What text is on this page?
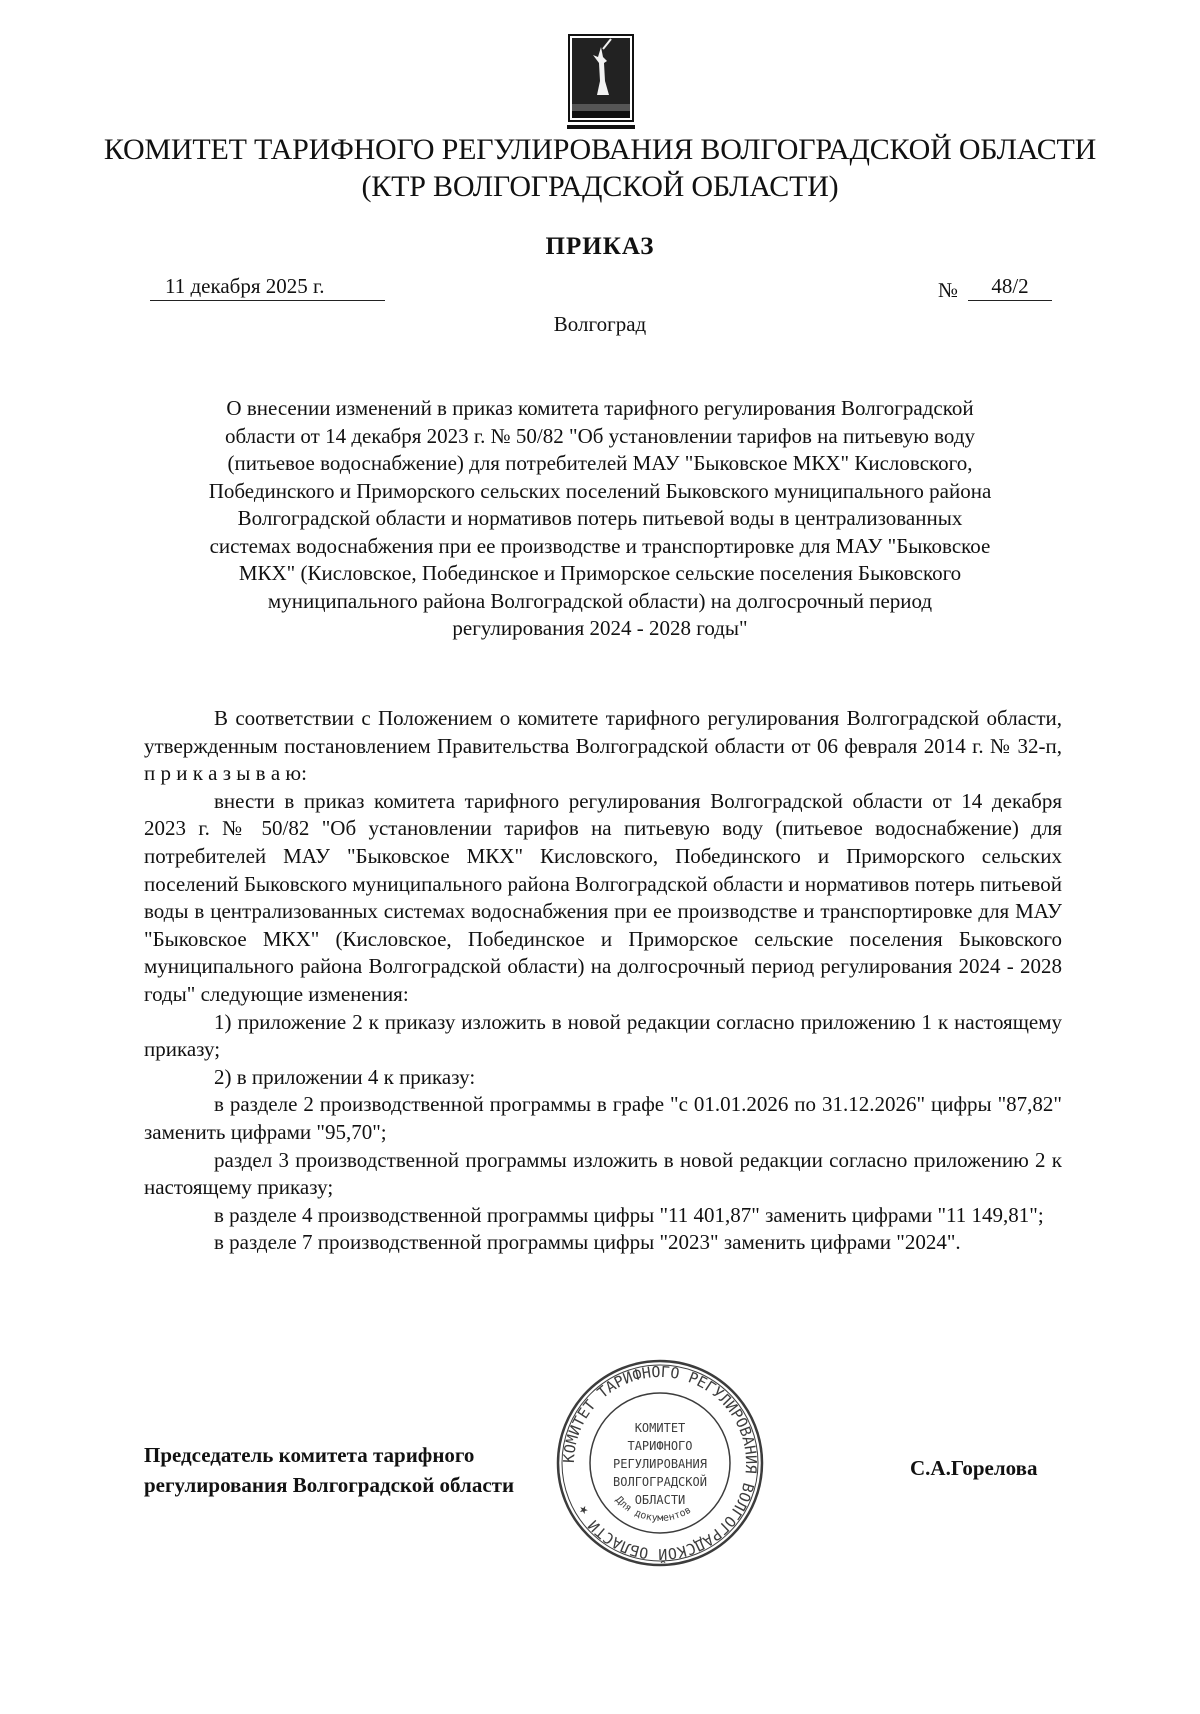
КОМИТЕТ ТАРИФНОГО РЕГУЛИРОВАНИЯ ВОЛГОГРАДСКОЙ ОБЛАСТИ
(КТР ВОЛГОГРАДСКОЙ ОБЛАСТИ)
ПРИКАЗ
11 декабря 2025 г.	№	48/2
Волгоград
О внесении изменений в приказ комитета тарифного регулирования Волгоградской
области от 14 декабря 2023 г. № 50/82 "Об установлении тарифов на питьевую воду
(питьевое водоснабжение) для потребителей МАУ "Быковское МКХ" Кисловского,
Побединского и Приморского сельских поселений Быковского муниципального района
Волгоградской области и нормативов потерь питьевой воды в централизованных
системах водоснабжения при ее производстве и транспортировке для МАУ "Быковское
МКХ" (Кисловское, Побединское и Приморское сельские поселения Быковского
муниципального района Волгоградской области) на долгосрочный период
регулирования 2024 - 2028 годы"

В соответствии с Положением о комитете тарифного регулирования Волгоградской области, утвержденным постановлением Правительства Волгоградской области от 06 февраля 2014 г. № 32-п, п р и к а з ы в а ю:

внести в приказ комитета тарифного регулирования Волгоградской области от 14 декабря 2023 г. № 50/82 "Об установлении тарифов на питьевую воду (питьевое водоснабжение) для потребителей МАУ "Быковское МКХ" Кисловского, Побединского и Приморского сельских поселений Быковского муниципального района Волгоградской области и нормативов потерь питьевой воды в централизованных системах водоснабжения при ее производстве и транспортировке для МАУ "Быковское МКХ" (Кисловское, Побединское и Приморское сельские поселения Быковского муниципального района Волгоградской области) на долгосрочный период регулирования 2024 - 2028 годы" следующие изменения:

1) приложение 2 к приказу изложить в новой редакции согласно приложению 1 к настоящему приказу;

2) в приложении 4 к приказу:

в разделе 2 производственной программы в графе "с 01.01.2026 по 31.12.2026" цифры "87,82" заменить цифрами "95,70";

раздел 3 производственной программы изложить в новой редакции согласно приложению 2 к настоящему приказу;

в разделе 4 производственной программы цифры "11 401,87" заменить цифрами "11 149,81";

в разделе 7 производственной программы цифры "2023" заменить цифрами "2024".

Председатель комитета тарифного
регулирования Волгоградской области
С.А.Горелова
КОМИТЕТ ТАРИФНОГО РЕГУЛИРОВАНИЯ ВОЛГОГРАДСКОЙ ОБЛАСТИ ★
КОМИТЕТ
ТАРИФНОГО
РЕГУЛИРОВАНИЯ
ВОЛГОГРАДСКОЙ
ОБЛАСТИ
Для документов
